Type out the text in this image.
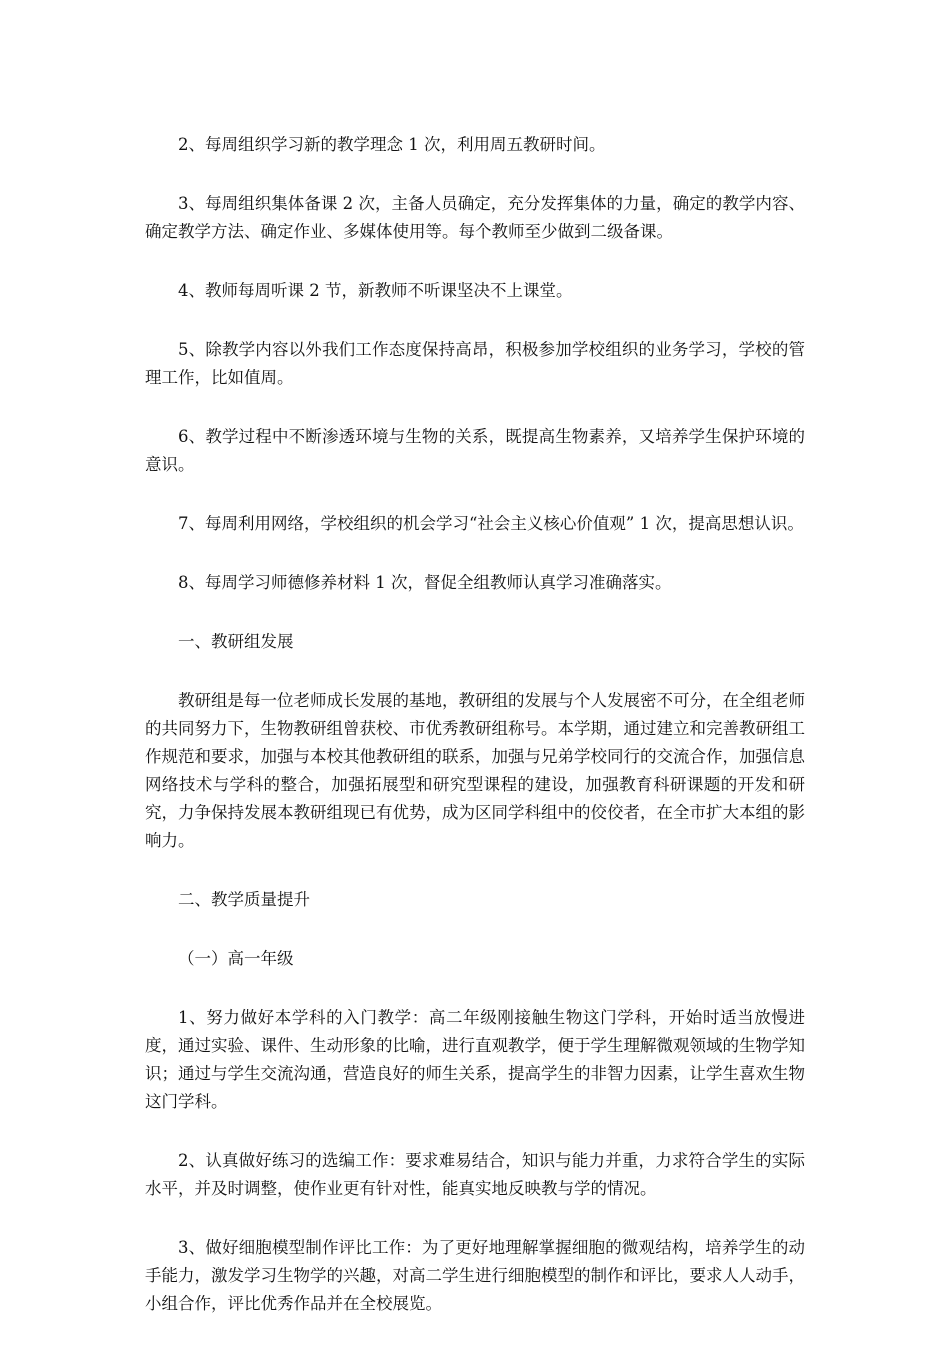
2、每周组织学习新的教学理念 1 次，利用周五教研时间。

3、每周组织集体备课 2 次，主备人员确定，充分发挥集体的力量，确定的教学内容、确定教学方法、确定作业、多媒体使用等。每个教师至少做到二级备课。

4、教师每周听课 2 节，新教师不听课坚决不上课堂。

5、除教学内容以外我们工作态度保持高昂，积极参加学校组织的业务学习，学校的管理工作，比如值周。

6、教学过程中不断渗透环境与生物的关系，既提高生物素养，又培养学生保护环境的意识。

7、每周利用网络，学校组织的机会学习“社会主义核心价值观” 1 次，提高思想认识。

8、每周学习师德修养材料 1 次，督促全组教师认真学习准确落实。

一、教研组发展

教研组是每一位老师成长发展的基地，教研组的发展与个人发展密不可分，在全组老师的共同努力下，生物教研组曾获校、市优秀教研组称号。本学期，通过建立和完善教研组工作规范和要求，加强与本校其他教研组的联系，加强与兄弟学校同行的交流合作，加强信息网络技术与学科的整合，加强拓展型和研究型课程的建设，加强教育科研课题的开发和研究，力争保持发展本教研组现已有优势，成为区同学科组中的佼佼者，在全市扩大本组的影响力。

二、教学质量提升

（一）高一年级

1、努力做好本学科的入门教学：高二年级刚接触生物这门学科，开始时适当放慢进度，通过实验、课件、生动形象的比喻，进行直观教学，便于学生理解微观领域的生物学知识；通过与学生交流沟通，营造良好的师生关系，提高学生的非智力因素，让学生喜欢生物这门学科。

2、认真做好练习的选编工作：要求难易结合，知识与能力并重，力求符合学生的实际水平，并及时调整，使作业更有针对性，能真实地反映教与学的情况。

3、做好细胞模型制作评比工作：为了更好地理解掌握细胞的微观结构，培养学生的动手能力，激发学习生物学的兴趣，对高二学生进行细胞模型的制作和评比，要求人人动手，小组合作，评比优秀作品并在全校展览。
